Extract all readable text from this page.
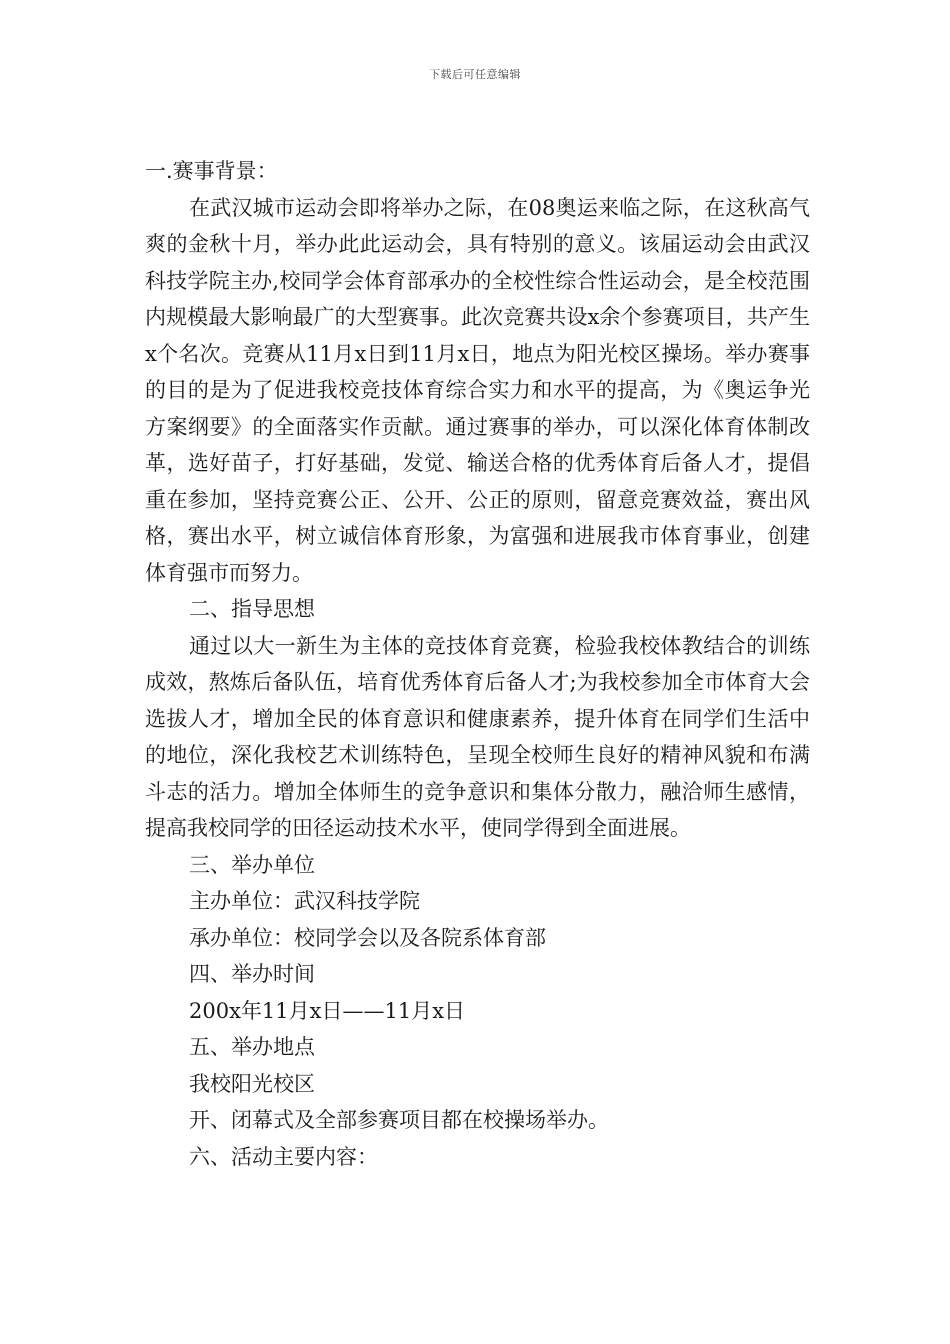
下载后可任意编辑

一.赛事背景：

在武汉城市运动会即将举办之际，在08奥运来临之际，在这秋高气爽的金秋十月，举办此此运动会，具有特别的意义。该届运动会由武汉科技学院主办,校同学会体育部承办的全校性综合性运动会，是全校范围内规模最大影响最广的大型赛事。此次竞赛共设x余个参赛项目，共产生x个名次。竞赛从11月x日到11月x日，地点为阳光校区操场。举办赛事的目的是为了促进我校竞技体育综合实力和水平的提高，为《奥运争光方案纲要》的全面落实作贡献。通过赛事的举办，可以深化体育体制改革，选好苗子，打好基础，发觉、输送合格的优秀体育后备人才，提倡重在参加，坚持竞赛公正、公开、公正的原则，留意竞赛效益，赛出风格，赛出水平，树立诚信体育形象，为富强和进展我市体育事业，创建体育强市而努力。

二、指导思想

通过以大一新生为主体的竞技体育竞赛，检验我校体教结合的训练成效，熬炼后备队伍，培育优秀体育后备人才;为我校参加全市体育大会选拔人才，增加全民的体育意识和健康素养，提升体育在同学们生活中的地位，深化我校艺术训练特色，呈现全校师生良好的精神风貌和布满斗志的活力。增加全体师生的竞争意识和集体分散力，融洽师生感情，提高我校同学的田径运动技术水平，使同学得到全面进展。

三、举办单位

主办单位：武汉科技学院

承办单位：校同学会以及各院系体育部

四、举办时间

200x年11月x日——11月x日

五、举办地点

我校阳光校区

开、闭幕式及全部参赛项目都在校操场举办。

六、活动主要内容：
